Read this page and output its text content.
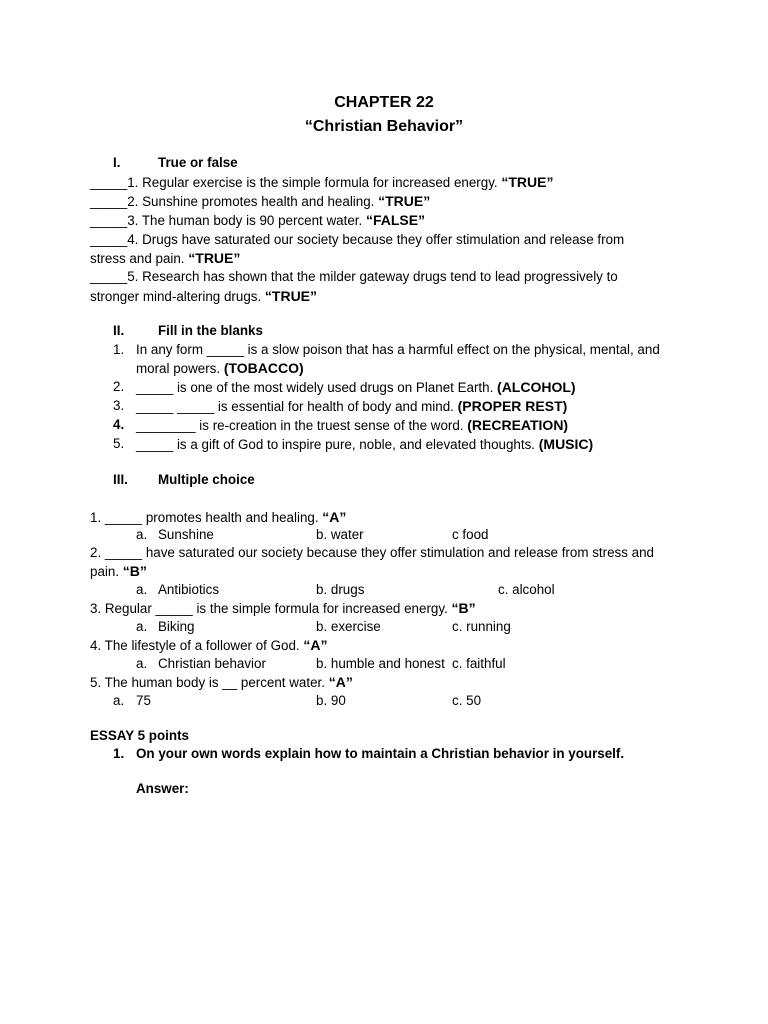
CHAPTER 22
“Christian Behavior”
I.	True or false
_____1. Regular exercise is the simple formula for increased energy. “TRUE”
_____2. Sunshine promotes health and healing. “TRUE”
_____3. The human body is 90 percent water. “FALSE”
_____4. Drugs have saturated our society because they offer stimulation and release from
stress and pain. “TRUE”
_____5. Research has shown that the milder gateway drugs tend to lead progressively to
stronger mind-altering drugs. “TRUE”
II.	Fill in the blanks
1. In any form _____ is a slow poison that has a harmful effect on the physical, mental, and
moral powers. (TOBACCO)
2. _____ is one of the most widely used drugs on Planet Earth. (ALCOHOL)
3. _____ _____ is essential for health of body and mind. (PROPER REST)
4. ________ is re-creation in the truest sense of the word. (RECREATION)
5. _____ is a gift of God to inspire pure, noble, and elevated thoughts. (MUSIC)
III. Multiple choice
1. _____ promotes health and healing. “A”
a. Sunshine	b. water	c food
2. _____ have saturated our society because they offer stimulation and release from stress and
pain. “B”
a. Antibiotics	b. drugs	c. alcohol
3. Regular _____ is the simple formula for increased energy. “B”
a. Biking	b. exercise	c. running
4. The lifestyle of a follower of God. “A”
a. Christian behavior	b. humble and honest c. faithful
5. The human body is __ percent water. “A”
a. 75	b. 90	c. 50
ESSAY 5 points
1. On your own words explain how to maintain a Christian behavior in yourself.
Answer:
